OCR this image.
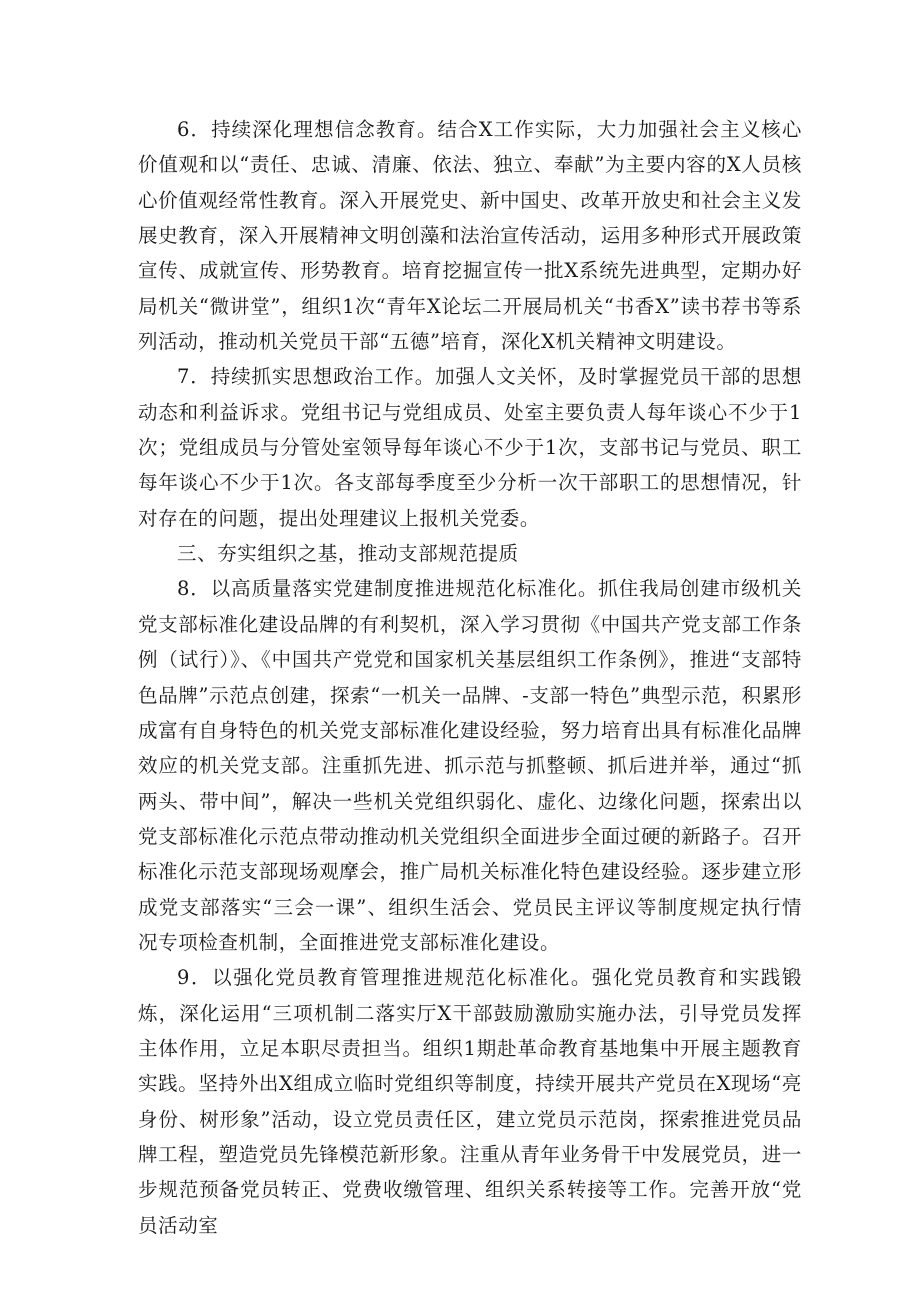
6．持续深化理想信念教育。结合X工作实际，大力加强社会主义核心价值观和以“责任、忠诚、清廉、依法、独立、奉献”为主要内容的X人员核心价值观经常性教育。深入开展党史、新中国史、改革开放史和社会主义发展史教育，深入开展精神文明创藻和法治宣传活动，运用多种形式开展政策宣传、成就宣传、形势教育。培育挖掘宣传一批X系统先进典型，定期办好局机关“微讲堂”，组织1次“青年X论坛二开展局机关“书香X”读书荐书等系列活动，推动机关党员干部“五德”培育，深化X机关精神文明建设。

7．持续抓实思想政治工作。加强人文关怀，及时掌握党员干部的思想动态和利益诉求。党组书记与党组成员、处室主要负责人每年谈心不少于1次；党组成员与分管处室领导每年谈心不少于1次，支部书记与党员、职工每年谈心不少于1次。各支部每季度至少分析一次干部职工的思想情况，针对存在的问题，提出处理建议上报机关党委。

三、夯实组织之基，推动支部规范提质

8．以高质量落实党建制度推进规范化标准化。抓住我局创建市级机关党支部标准化建设品牌的有利契机，深入学习贯彻《中国共产党支部工作条例（试行）》、《中国共产党党和国家机关基层组织工作条例》，推进“支部特色品牌”示范点创建，探索“一机关一品牌、-支部一特色”典型示范，积累形成富有自身特色的机关党支部标准化建设经验，努力培育出具有标准化品牌效应的机关党支部。注重抓先进、抓示范与抓整顿、抓后进并举，通过“抓两头、带中间”，解决一些机关党组织弱化、虚化、边缘化问题，探索出以党支部标准化示范点带动推动机关党组织全面进步全面过硬的新路子。召开标准化示范支部现场观摩会，推广局机关标准化特色建设经验。逐步建立形成党支部落实“三会一课”、组织生活会、党员民主评议等制度规定执行情况专项检查机制，全面推进党支部标准化建设。

9．以强化党员教育管理推进规范化标准化。强化党员教育和实践锻炼，深化运用“三项机制二落实厅X干部鼓励激励实施办法，引导党员发挥主体作用，立足本职尽责担当。组织1期赴革命教育基地集中开展主题教育实践。坚持外出X组成立临时党组织等制度，持续开展共产党员在X现场“亮身份、树形象”活动，设立党员责任区，建立党员示范岗，探索推进党员品牌工程，塑造党员先锋模范新形象。注重从青年业务骨干中发展党员，进一步规范预备党员转正、党费收缴管理、组织关系转接等工作。完善开放“党员活动室
